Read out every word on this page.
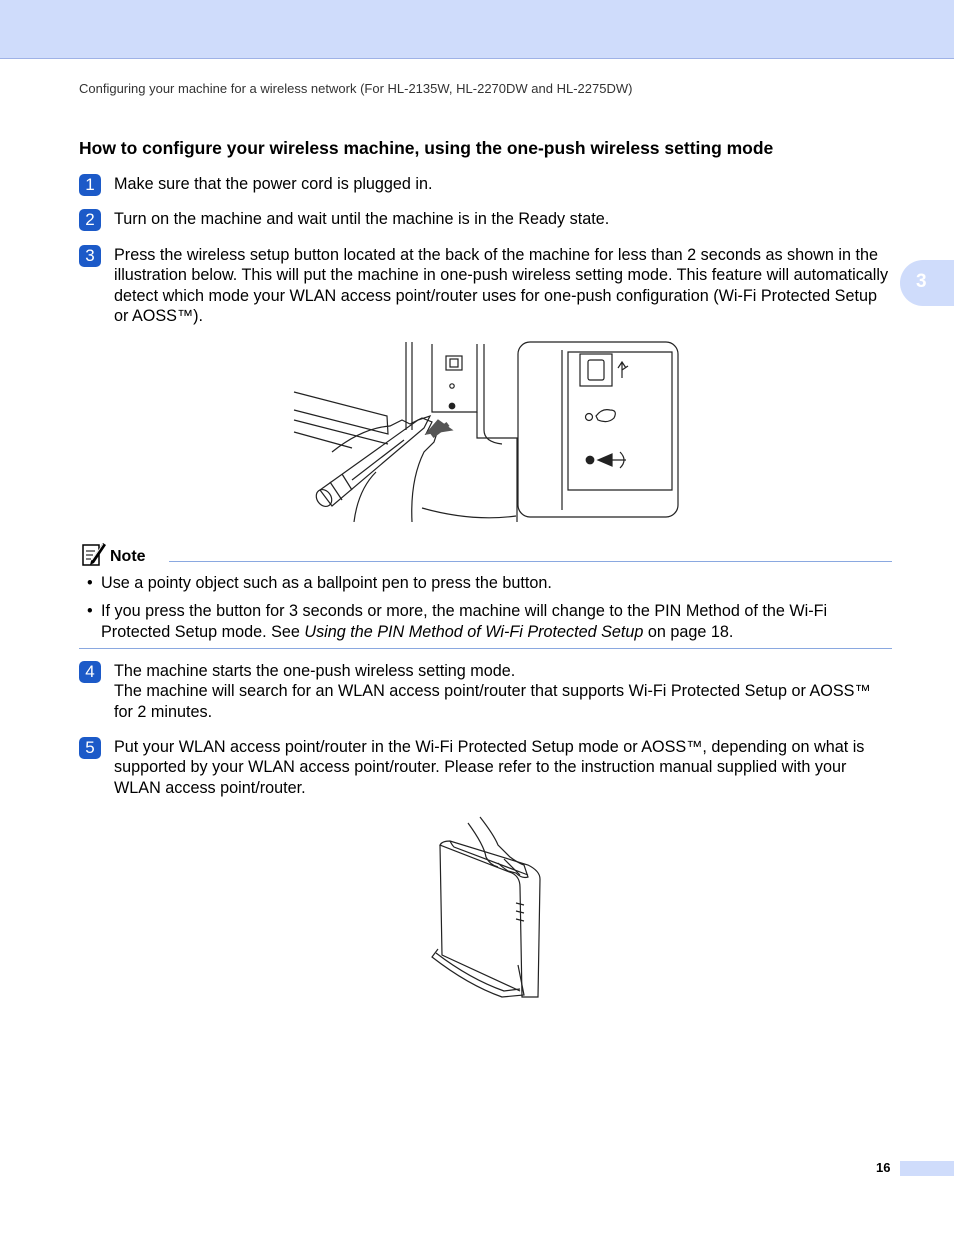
Configuring your machine for a wireless network (For HL-2135W, HL-2270DW and HL-2275DW)
3
How to configure your wireless machine, using the one-push wireless setting mode
1	Make sure that the power cord is plugged in.
2	Turn on the machine and wait until the machine is in the Ready state.
3	Press the wireless setup button located at the back of the machine for less than 2 seconds as shown in the illustration below. This will put the machine in one-push wireless setting mode. This feature will automatically detect which mode your WLAN access point/router uses for one-push configuration (Wi-Fi Protected Setup or AOSS™).
Note
• Use a pointy object such as a ballpoint pen to press the button.
• If you press the button for 3 seconds or more, the machine will change to the PIN Method of the Wi-Fi Protected Setup mode. See Using the PIN Method of Wi-Fi Protected Setup on page 18.
4	The machine starts the one-push wireless setting mode.
The machine will search for an WLAN access point/router that supports Wi-Fi Protected Setup or AOSS™ for 2 minutes.
5	Put your WLAN access point/router in the Wi-Fi Protected Setup mode or AOSS™, depending on what is supported by your WLAN access point/router. Please refer to the instruction manual supplied with your WLAN access point/router.
16
